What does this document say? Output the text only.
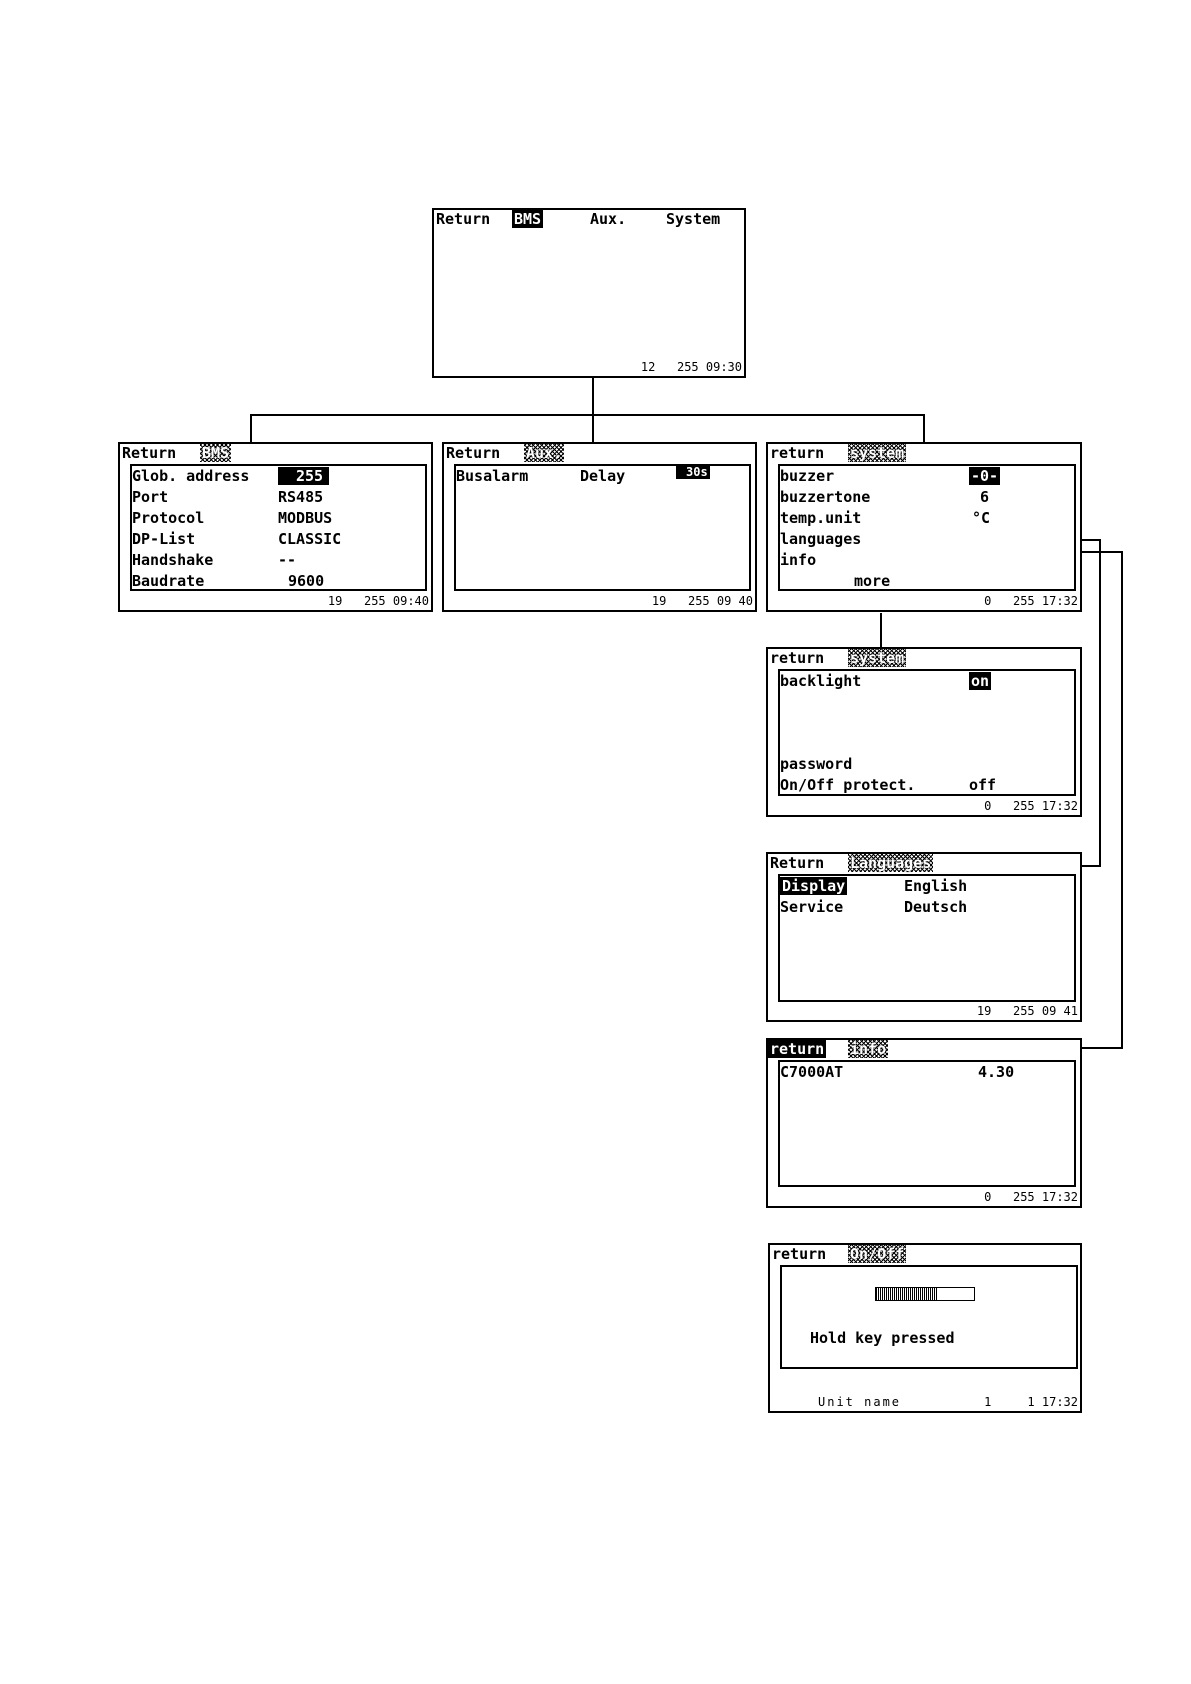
Return BMS	Aux.	System
12   255 09:30
Return BMS
Glob. address	255
Port	RS485
Protocol	MODBUS
DP-List	CLASSIC
Handshake	--
Baudrate	9600
19   255 09:40
Return Aux.
Busalarm	Delay	30s
19   255 09 40
return system
buzzer	-0-
buzzertone	6
temp.unit	°C
languages
info
more
0   255 17:32
return system
backlight	on
password
On/Off protect.	off
0   255 17:32
Return Languages
Display	English
Service	Deutsch
19   255 09 41
return info
C7000AT	4.30
0   255 17:32
return On/Off
Hold key pressed
Unit name	1     1 17:32
